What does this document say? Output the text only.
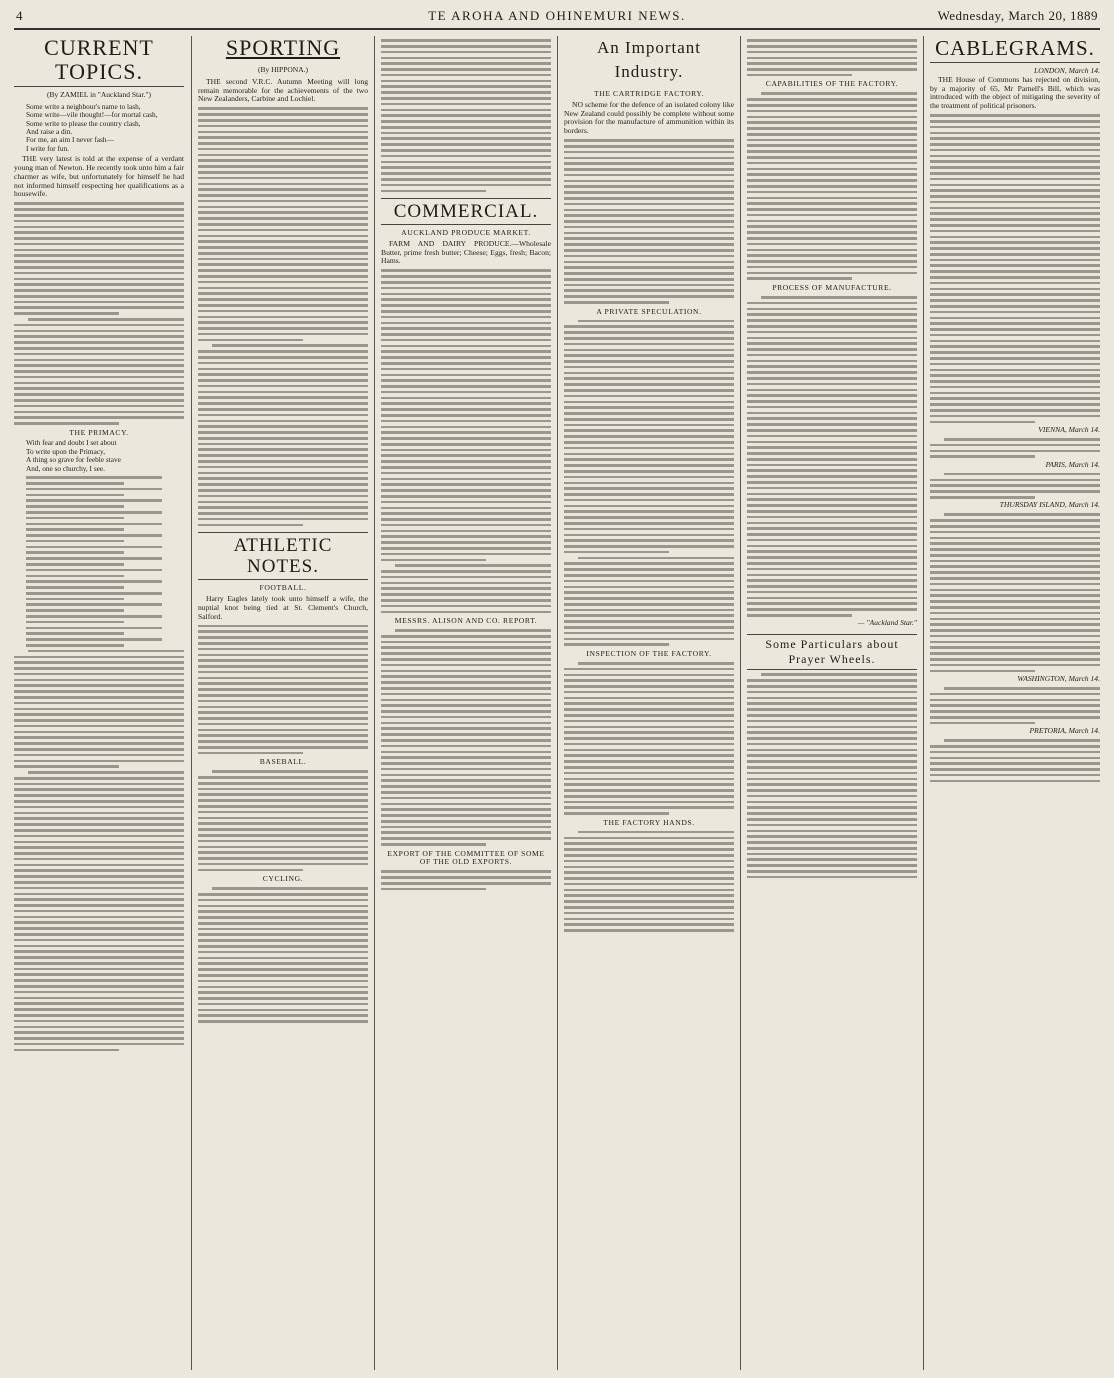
4	TE AROHA AND OHINEMURI NEWS.	Wednesday, March 20, 1889
CURRENT TOPICS.
(By ZAMIEL in "Auckland Star.")
Some write a neighbour's name to lash,
Some write—vile thought!—for mortal cash,
Some write to please the country clash,
And raise a din.
For me, an aim I never fash—
I write for fun.

THE very latest is told at the expense of a verdant young man of Newton. He recently took unto him a fair charmer as wife, but unfortunately for himself he had not informed himself respecting her qualifications as a housewife.

THE PRIMACY.
With fear and doubt I set about
To write upon the Primacy,
A thing so grave for feeble stave
And, one so churchy, I see.
SPORTING
(By HIPPONA.)

THE second V.R.C. Autumn Meeting will long remain memorable for the achievements of the two New Zealanders, Carbine and Lochiel.

ATHLETIC NOTES.
FOOTBALL.

Harry Eagles lately took unto himself a wife, the nuptial knot being tied at St. Clement's Church, Salford.

BASEBALL.
CYCLING.
COMMERCIAL.
AUCKLAND PRODUCE MARKET.

FARM AND DAIRY PRODUCE.—Wholesale Butter, prime fresh butter; Cheese; Eggs, fresh; Bacon; Hams.

MESSRS. ALISON AND CO. REPORT.
EXPORT OF THE COMMITTEE OF SOME OF THE OLD EXPORTS.
An Important Industry.
THE CARTRIDGE FACTORY.

NO scheme for the defence of an isolated colony like New Zealand could possibly be complete without some provision for the manufacture of ammunition within its borders.

A PRIVATE SPECULATION.
INSPECTION OF THE FACTORY.
THE FACTORY HANDS.
CAPABILITIES OF THE FACTORY.
PROCESS OF MANUFACTURE.
— "Auckland Star."
Some Particulars about Prayer Wheels.
CABLEGRAMS.
LONDON, March 14.

THE House of Commons has rejected on division, by a majority of 65, Mr Parnell's Bill, which was introduced with the object of mitigating the severity of the treatment of political prisoners.

VIENNA, March 14.
PARIS, March 14.
THURSDAY ISLAND, March 14.
WASHINGTON, March 14.
PRETORIA, March 14.
